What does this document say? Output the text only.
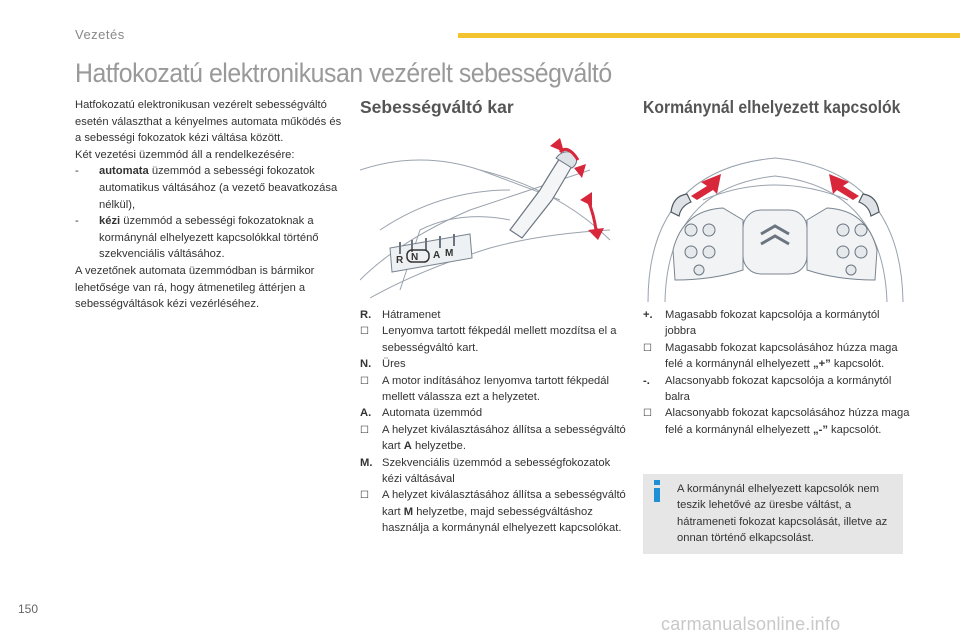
Vezetés
Hatfokozatú elektronikusan vezérelt sebességváltó

Hatfokozatú elektronikusan vezérelt sebességváltó esetén választhat a kényelmes automata működés és a sebességi fokozatok kézi váltása között.

Két vezetési üzemmód áll a rendelkezésére:

-	automata üzemmód a sebességi fokozatok automatikus váltásához (a vezető beavatkozása nélkül),
-	kézi üzemmód a sebességi fokozatoknak a kormánynál elhelyezett kapcsolókkal történő szekvenciális váltásához.

A vezetőnek automata üzemmódban is bármikor lehetősége van rá, hogy átmenetileg áttérjen a sebességváltások kézi vezérléséhez.

Sebességváltó kar	Kormánynál elhelyezett kapcsolók
R N A M
R. Hátramenet
☐	Lenyomva tartott fékpedál mellett mozdítsa el a sebességváltó kart.
N. Üres
☐	A motor indításához lenyomva tartott fékpedál mellett válassza ezt a helyzetet.
A. Automata üzemmód
☐	A helyzet kiválasztásához állítsa a sebességváltó kart A helyzetbe.
M. Szekvenciális üzemmód a sebességfokozatok kézi váltásával
☐	A helyzet kiválasztásához állítsa a sebességváltó kart M helyzetbe, majd sebességváltáshoz használja a kormánynál elhelyezett kapcsolókat.
+.	Magasabb fokozat kapcsolója a kormánytól jobbra
☐	Magasabb fokozat kapcsolásához húzza maga felé a kormánynál elhelyezett „+” kapcsolót.
-.	Alacsonyabb fokozat kapcsolója a kormánytól balra
☐	Alacsonyabb fokozat kapcsolásához húzza maga felé a kormánynál elhelyezett „-” kapcsolót.
A kormánynál elhelyezett kapcsolók nem teszik lehetővé az üresbe váltást, a hátrameneti fokozat kapcsolását, illetve az onnan történő elkapcsolást.
150
carmanualsonline.info
